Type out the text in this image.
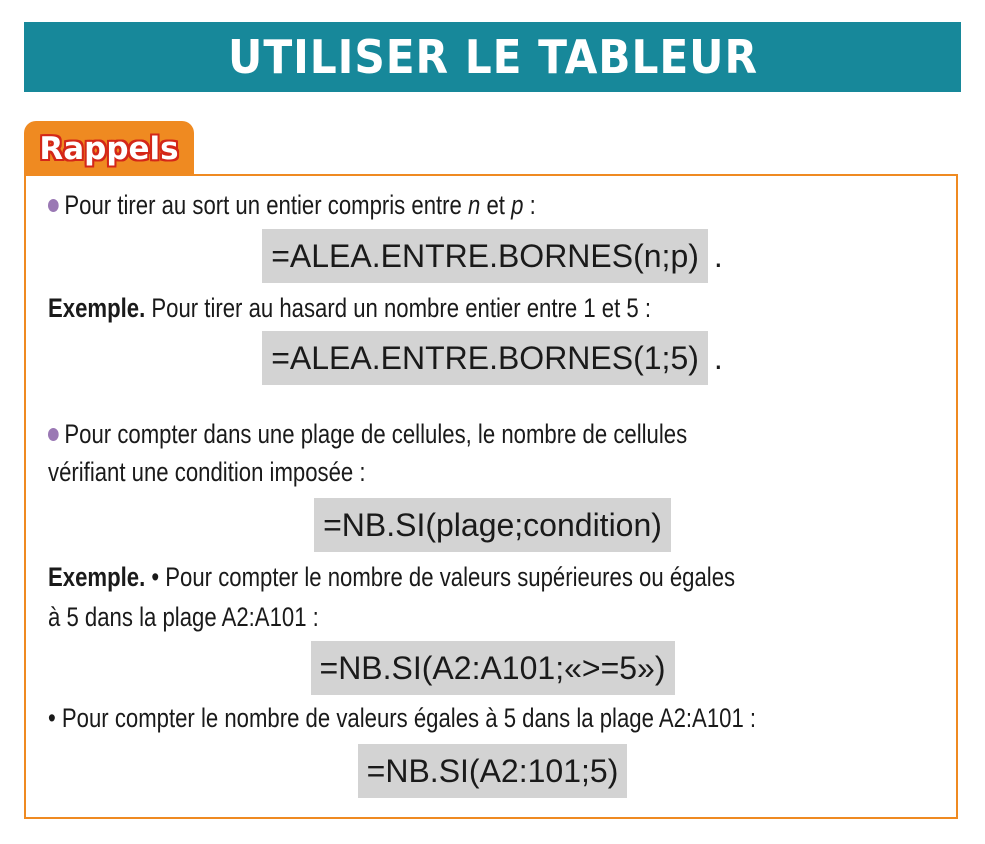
UTILISER LE TABLEUR
Rappels
Pour tirer au sort un entier compris entre n et p :
=ALEA.ENTRE.BORNES(n;p) .
Exemple. Pour tirer au hasard un nombre entier entre 1 et 5 :
=ALEA.ENTRE.BORNES(1;5) .
Pour compter dans une plage de cellules, le nombre de cellules
vérifiant une condition imposée :
=NB.SI(plage;condition)
Exemple. • Pour compter le nombre de valeurs supérieures ou égales
à 5 dans la plage A2:A101 :
=NB.SI(A2:A101;«>=5»)
• Pour compter le nombre de valeurs égales à 5 dans la plage A2:A101 :
=NB.SI(A2:101;5)
